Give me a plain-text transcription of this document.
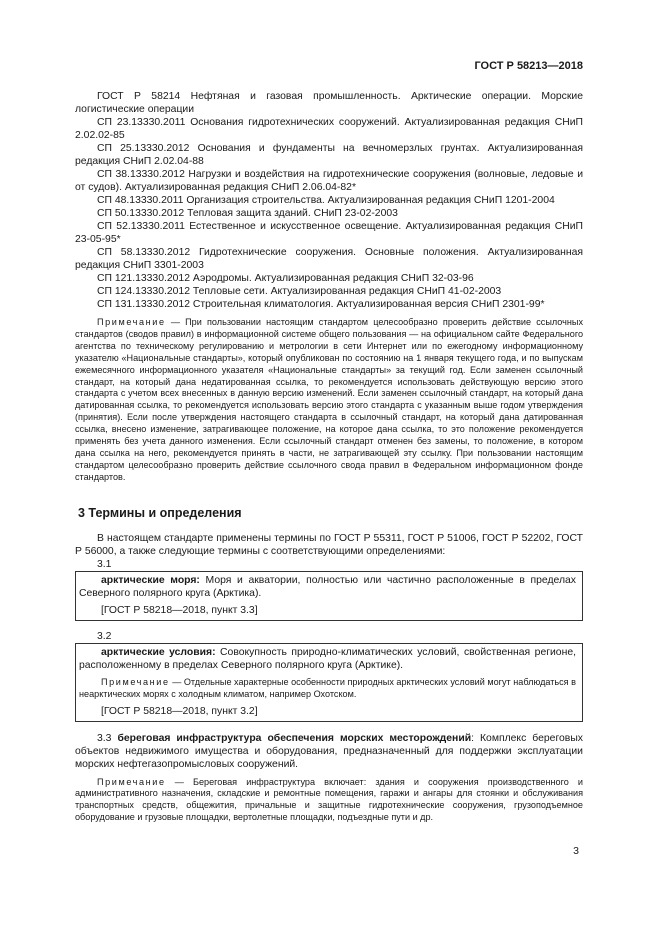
ГОСТ Р 58213—2018

ГОСТ Р 58214 Нефтяная и газовая промышленность. Арктические операции. Морские логистические операции

СП 23.13330.2011 Основания гидротехнических сооружений. Актуализированная редакция СНиП 2.02.02-85

СП 25.13330.2012 Основания и фундаменты на вечномерзлых грунтах. Актуализированная редакция СНиП 2.02.04-88

СП 38.13330.2012 Нагрузки и воздействия на гидротехнические сооружения (волновые, ледовые и от судов). Актуализированная редакция СНиП 2.06.04-82*

СП 48.13330.2011 Организация строительства. Актуализированная редакция СНиП 1201-2004

СП 50.13330.2012 Тепловая защита зданий. СНиП 23-02-2003

СП 52.13330.2011 Естественное и искусственное освещение. Актуализированная редакция СНиП 23-05-95*

СП 58.13330.2012 Гидротехнические сооружения. Основные положения. Актуализированная редакция СНиП 3301-2003

СП 121.13330.2012 Аэродромы. Актуализированная редакция СНиП 32-03-96

СП 124.13330.2012 Тепловые сети. Актуализированная редакция СНиП 41-02-2003

СП 131.13330.2012 Строительная климатология. Актуализированная версия СНиП 2301-99*

Примечание — При пользовании настоящим стандартом целесообразно проверить действие ссылочных стандартов (сводов правил) в информационной системе общего пользования — на официальном сайте Федерального агентства по техническому регулированию и метрологии в сети Интернет или по ежегодному информационному указателю «Национальные стандарты», который опубликован по состоянию на 1 января текущего года, и по выпускам ежемесячного информационного указателя «Национальные стандарты» за текущий год. Если заменен ссылочный стандарт, на который дана недатированная ссылка, то рекомендуется использовать действующую версию этого стандарта с учетом всех внесенных в данную версию изменений. Если заменен ссылочный стандарт, на который дана датированная ссылка, то рекомендуется использовать версию этого стандарта с указанным выше годом утверждения (принятия). Если после утверждения настоящего стандарта в ссылочный стандарт, на который дана датированная ссылка, внесено изменение, затрагивающее положение, на которое дана ссылка, то это положение рекомендуется применять без учета данного изменения. Если ссылочный стандарт отменен без замены, то положение, в котором дана ссылка на него, рекомендуется принять в части, не затрагивающей эту ссылку. При пользовании настоящим стандартом целесообразно проверить действие ссылочного свода правил в Федеральном информационном фонде стандартов.

3 Термины и определения

В настоящем стандарте применены термины по ГОСТ Р 55311, ГОСТ Р 51006, ГОСТ Р 52202, ГОСТ Р 56000, а также следующие термины с соответствующими определениями:

3.1

арктические моря: Моря и акватории, полностью или частично расположенные в пределах Северного полярного круга (Арктика).

[ГОСТ Р 58218—2018, пункт 3.3]

3.2

арктические условия: Совокупность природно-климатических условий, свойственная регионе, расположенному в пределах Северного полярного круга (Арктике).

Примечание — Отдельные характерные особенности природных арктических условий могут наблюдаться в неарктических морях с холодным климатом, например Охотском.

[ГОСТ Р 58218—2018, пункт 3.2]

3.3 береговая инфраструктура обеспечения морских месторождений: Комплекс береговых объектов недвижимого имущества и оборудования, предназначенный для поддержки эксплуатации морских нефтегазопромысловых сооружений.

Примечание — Береговая инфраструктура включает: здания и сооружения производственного и административного назначения, складские и ремонтные помещения, гаражи и ангары для стоянки и обслуживания транспортных средств, общежития, причальные и защитные гидротехнические сооружения, грузоподъемное оборудование и грузовые площадки, вертолетные площадки, подъездные пути и др.

3
